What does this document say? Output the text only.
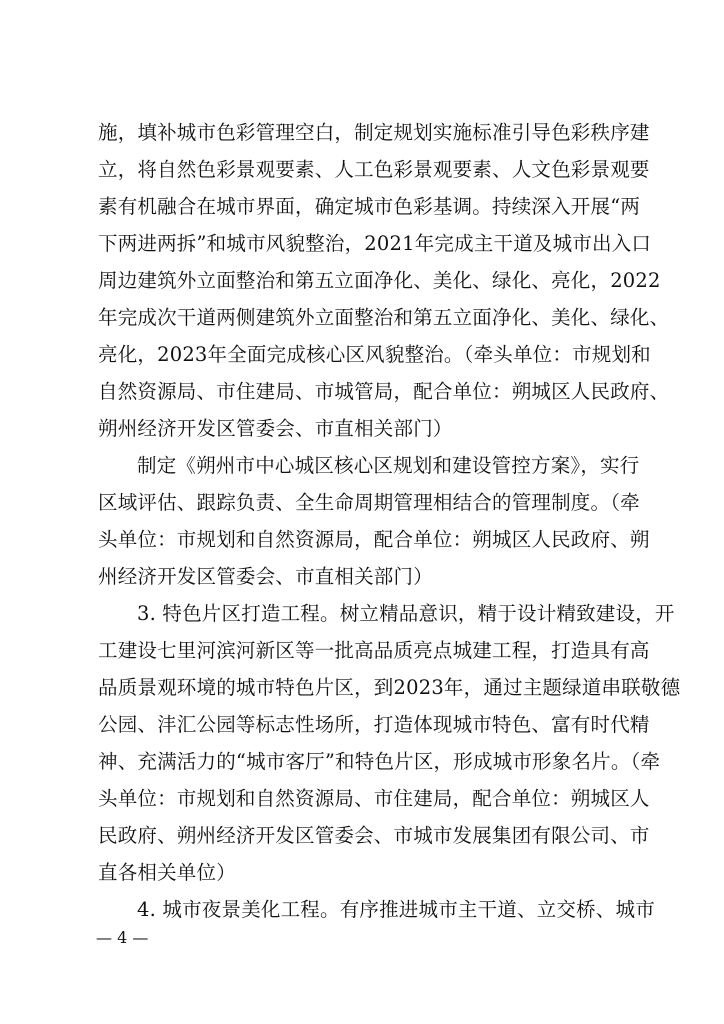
施，填补城市色彩管理空白，制定规划实施标准引导色彩秩序建
立，将自然色彩景观要素、人工色彩景观要素、人文色彩景观要
素有机融合在城市界面，确定城市色彩基调。持续深入开展“两
下两进两拆”和城市风貌整治，2021年完成主干道及城市出入口
周边建筑外立面整治和第五立面净化、美化、绿化、亮化，2022
年完成次干道两侧建筑外立面整治和第五立面净化、美化、绿化、
亮化，2023年全面完成核心区风貌整治。（牵头单位：市规划和
自然资源局、市住建局、市城管局，配合单位：朔城区人民政府、
朔州经济开发区管委会、市直相关部门）
制定《朔州市中心城区核心区规划和建设管控方案》，实行
区域评估、跟踪负责、全生命周期管理相结合的管理制度。（牵
头单位：市规划和自然资源局，配合单位：朔城区人民政府、朔
州经济开发区管委会、市直相关部门）
3. 特色片区打造工程。树立精品意识，精于设计精致建设，开
工建设七里河滨河新区等一批高品质亮点城建工程，打造具有高
品质景观环境的城市特色片区，到2023年，通过主题绿道串联敬德
公园、沣汇公园等标志性场所，打造体现城市特色、富有时代精
神、充满活力的“城市客厅”和特色片区，形成城市形象名片。（牵
头单位：市规划和自然资源局、市住建局，配合单位：朔城区人
民政府、朔州经济开发区管委会、市城市发展集团有限公司、市
直各相关单位）
4. 城市夜景美化工程。有序推进城市主干道、立交桥、城市
— 4 —
